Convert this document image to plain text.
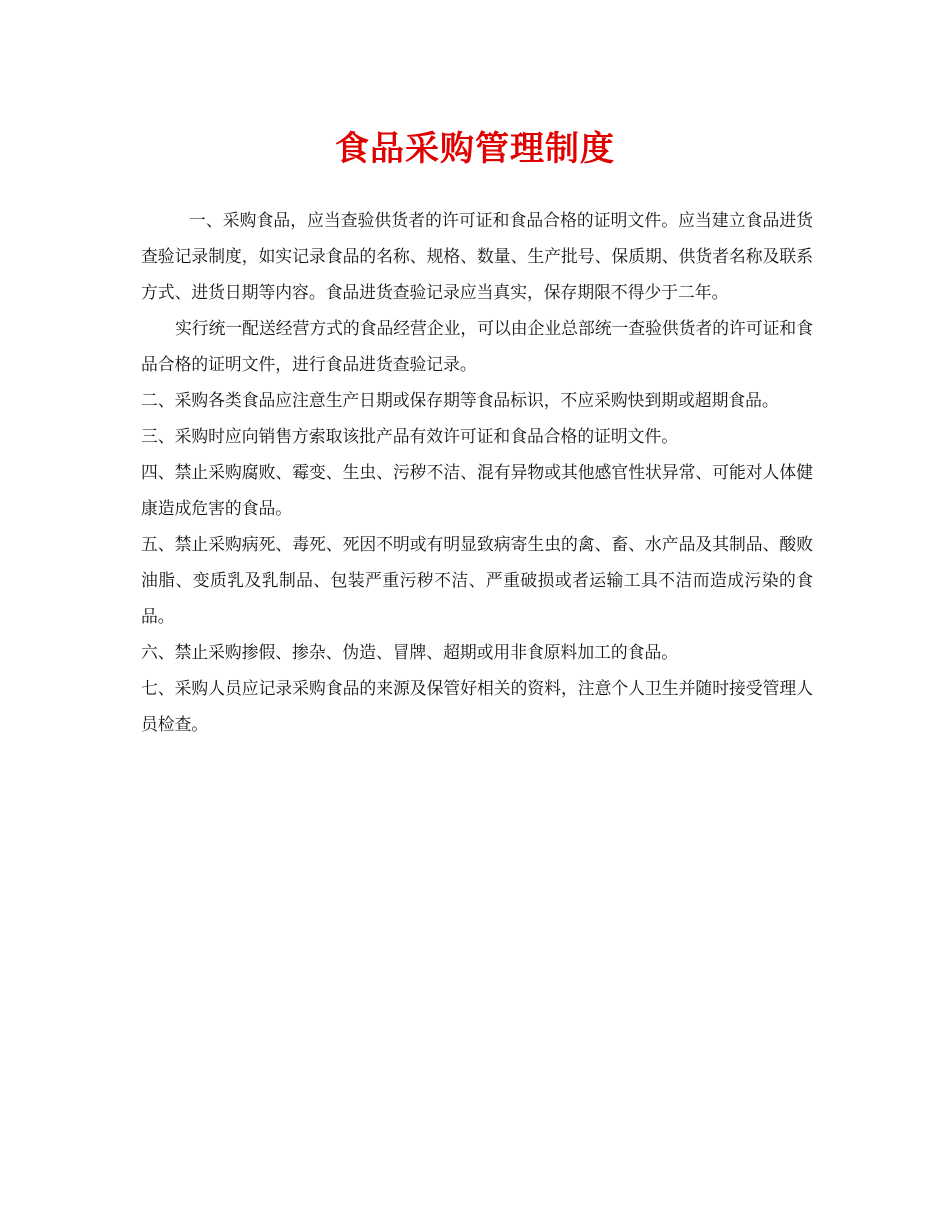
食品采购管理制度

一、采购食品，应当查验供货者的许可证和食品合格的证明文件。应当建立食品进货查验记录制度，如实记录食品的名称、规格、数量、生产批号、保质期、供货者名称及联系方式、进货日期等内容。食品进货查验记录应当真实，保存期限不得少于二年。

实行统一配送经营方式的食品经营企业，可以由企业总部统一查验供货者的许可证和食品合格的证明文件，进行食品进货查验记录。

二、采购各类食品应注意生产日期或保存期等食品标识，不应采购快到期或超期食品。

三、采购时应向销售方索取该批产品有效许可证和食品合格的证明文件。

四、禁止采购腐败、霉变、生虫、污秽不洁、混有异物或其他感官性状异常、可能对人体健康造成危害的食品。

五、禁止采购病死、毒死、死因不明或有明显致病寄生虫的禽、畜、水产品及其制品、酸败油脂、变质乳及乳制品、包装严重污秽不洁、严重破损或者运输工具不洁而造成污染的食品。

六、禁止采购掺假、掺杂、伪造、冒牌、超期或用非食原料加工的食品。

七、采购人员应记录采购食品的来源及保管好相关的资料，注意个人卫生并随时接受管理人员检查。
